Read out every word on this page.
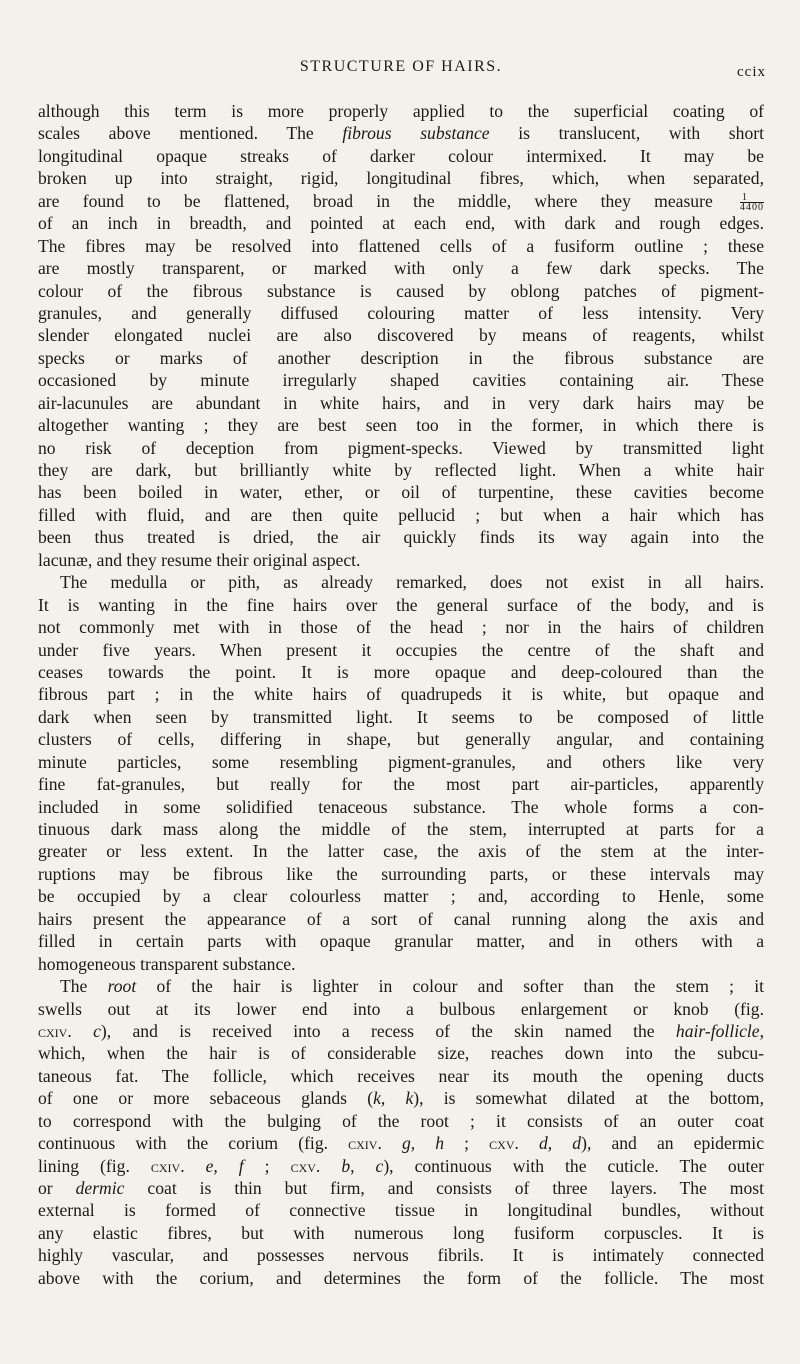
STRUCTURE OF HAIRS.	ccix
although this term is more properly applied to the superficial coating of
scales above mentioned. The fibrous substance is translucent, with short
longitudinal opaque streaks of darker colour intermixed. It may be
broken up into straight, rigid, longitudinal fibres, which, when separated,
are found to be flattened, broad in the middle, where they measure $\frac{1}{4400}$
of an inch in breadth, and pointed at each end, with dark and rough edges.
The fibres may be resolved into flattened cells of a fusiform outline ; these
are mostly transparent, or marked with only a few dark specks. The
colour of the fibrous substance is caused by oblong patches of pigment-
granules, and generally diffused colouring matter of less intensity. Very
slender elongated nuclei are also discovered by means of reagents, whilst
specks or marks of another description in the fibrous substance are
occasioned by minute irregularly shaped cavities containing air. These
air-lacunules are abundant in white hairs, and in very dark hairs may be
altogether wanting ; they are best seen too in the former, in which there is
no risk of deception from pigment-specks. Viewed by transmitted light
they are dark, but brilliantly white by reflected light. When a white hair
has been boiled in water, ether, or oil of turpentine, these cavities become
filled with fluid, and are then quite pellucid ; but when a hair which has
been thus treated is dried, the air quickly finds its way again into the
lacunæ, and they resume their original aspect.
The medulla or pith, as already remarked, does not exist in all hairs.
It is wanting in the fine hairs over the general surface of the body, and is
not commonly met with in those of the head ; nor in the hairs of children
under five years. When present it occupies the centre of the shaft and
ceases towards the point. It is more opaque and deep-coloured than the
fibrous part ; in the white hairs of quadrupeds it is white, but opaque and
dark when seen by transmitted light. It seems to be composed of little
clusters of cells, differing in shape, but generally angular, and containing
minute particles, some resembling pigment-granules, and others like very
fine fat-granules, but really for the most part air-particles, apparently
included in some solidified tenaceous substance. The whole forms a con-
tinuous dark mass along the middle of the stem, interrupted at parts for a
greater or less extent. In the latter case, the axis of the stem at the inter-
ruptions may be fibrous like the surrounding parts, or these intervals may
be occupied by a clear colourless matter ; and, according to Henle, some
hairs present the appearance of a sort of canal running along the axis and
filled in certain parts with opaque granular matter, and in others with a
homogeneous transparent substance.
The root of the hair is lighter in colour and softer than the stem ; it
swells out at its lower end into a bulbous enlargement or knob (fig.
cxiv. c), and is received into a recess of the skin named the hair-follicle,
which, when the hair is of considerable size, reaches down into the subcu-
taneous fat. The follicle, which receives near its mouth the opening ducts
of one or more sebaceous glands (k, k), is somewhat dilated at the bottom,
to correspond with the bulging of the root ; it consists of an outer coat
continuous with the corium (fig. cxiv. g, h ; cxv. d, d), and an epidermic
lining (fig. cxiv. e, f ; cxv. b, c), continuous with the cuticle. The outer
or dermic coat is thin but firm, and consists of three layers. The most
external is formed of connective tissue in longitudinal bundles, without
any elastic fibres, but with numerous long fusiform corpuscles. It is
highly vascular, and possesses nervous fibrils. It is intimately connected
above with the corium, and determines the form of the follicle. The most
